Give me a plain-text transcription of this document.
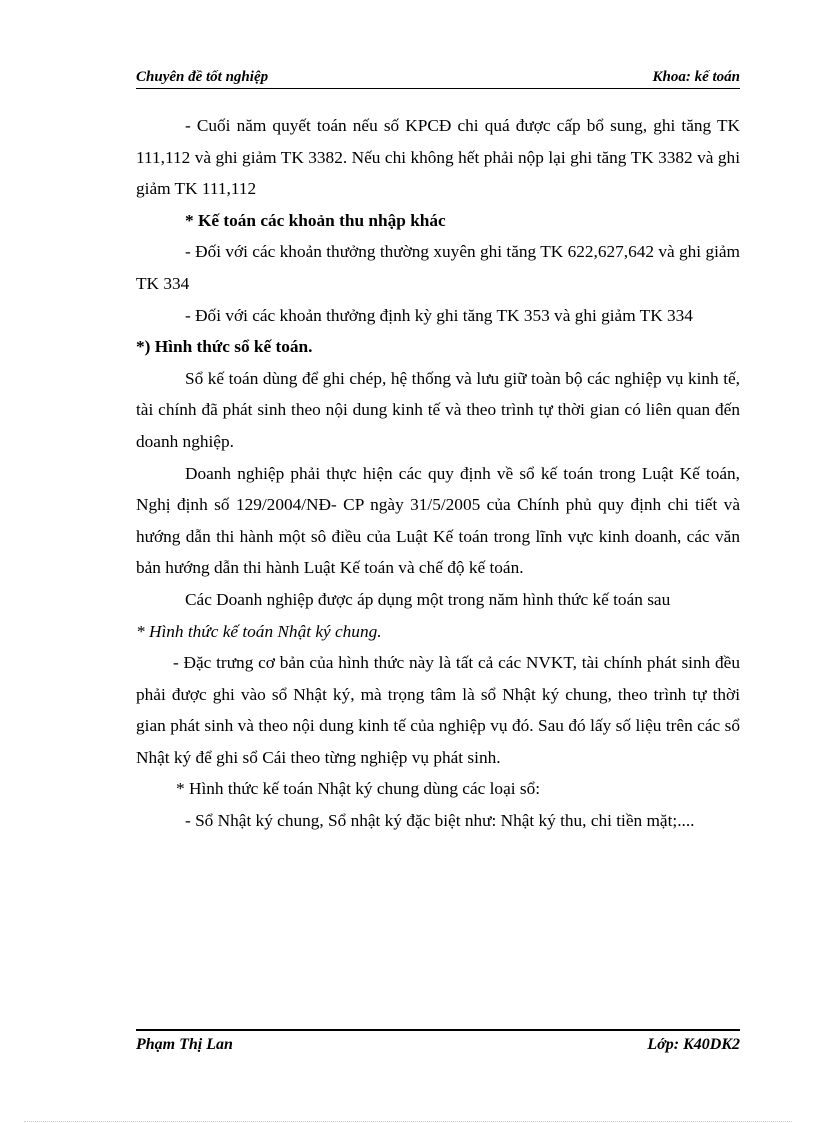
Chuyên đề tốt nghiệp	Khoa: kế toán

- Cuối năm quyết toán nếu số KPCĐ chi quá được cấp bổ sung, ghi tăng TK 111,112 và ghi giảm TK 3382. Nếu chi không hết phải nộp lại ghi tăng TK 3382 và ghi giảm TK 111,112

* Kế toán các khoản thu nhập khác

- Đối với các khoản thưởng thường xuyên ghi tăng TK 622,627,642 và ghi giảm TK 334

- Đối với các khoản thưởng định kỳ ghi tăng TK 353 và ghi giảm TK 334

*) Hình thức sổ kế toán.

Sổ kế toán dùng để ghi chép, hệ thống và lưu giữ toàn bộ các nghiệp vụ kinh tế, tài chính đã phát sinh theo nội dung kinh tế và theo trình tự thời gian có liên quan đến doanh nghiệp.

Doanh nghiệp phải thực hiện các quy định về sổ kế toán trong Luật Kế toán, Nghị định số 129/2004/NĐ- CP ngày 31/5/2005 của Chính phủ quy định chi tiết và hướng dẫn thi hành một sô điều của Luật Kế toán trong lĩnh vực kinh doanh, các văn bản hướng dẫn thi hành Luật Kế toán và chế độ kế toán.

Các Doanh nghiệp được áp dụng một trong năm hình thức kế toán sau

* Hình thức kế toán Nhật ký chung.

- Đặc trưng cơ bản của hình thức này là tất cả các NVKT, tài chính phát sinh đều phải được ghi vào sổ Nhật ký, mà trọng tâm là sổ Nhật ký chung, theo trình tự thời gian phát sinh và theo nội dung kinh tế của nghiệp vụ đó. Sau đó lấy số liệu trên các sổ Nhật ký để ghi sổ Cái theo từng nghiệp vụ phát sinh.

* Hình thức kế toán Nhật ký chung dùng các loại sổ:

- Sổ Nhật ký chung, Sổ nhật ký đặc biệt như: Nhật ký thu, chi tiền mặt;....

Phạm Thị Lan	Lớp: K40DK2
